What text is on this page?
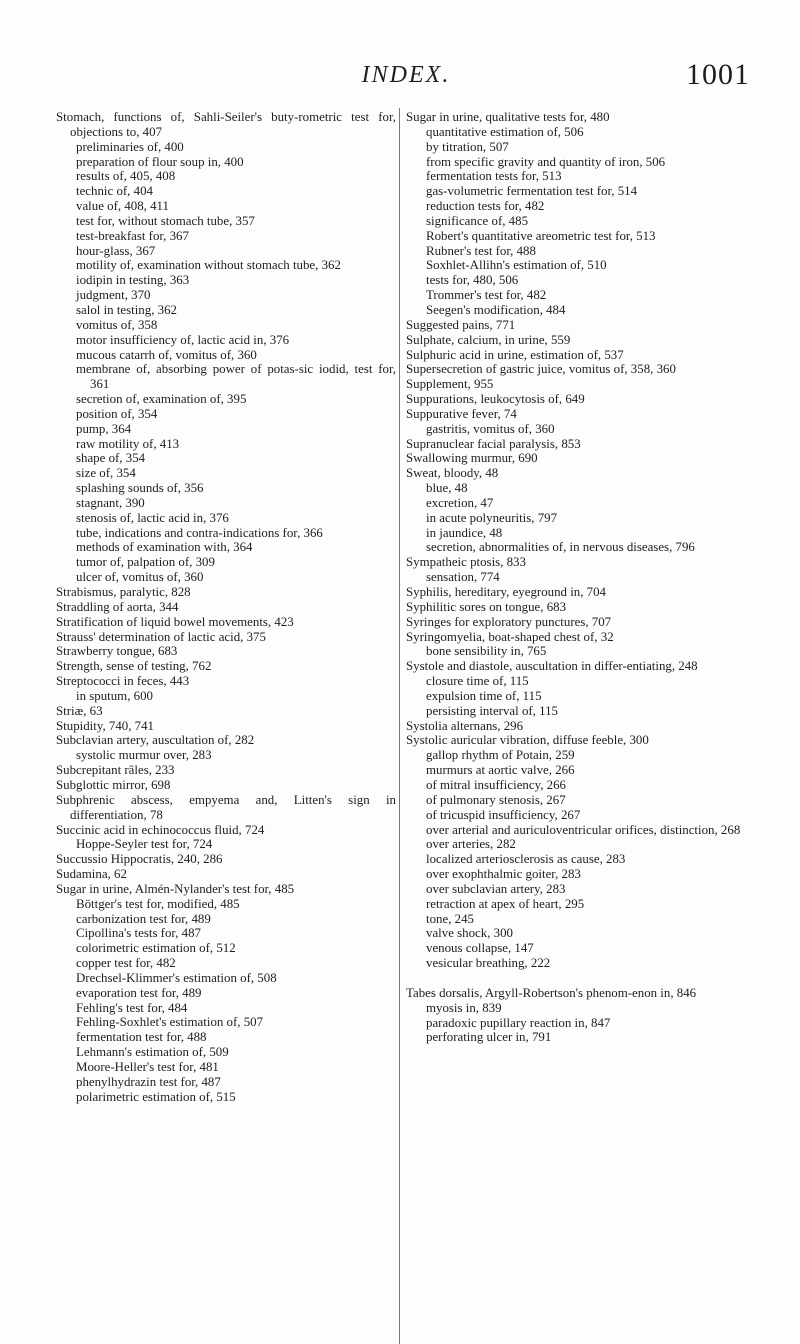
INDEX.	1001
Stomach, functions of, Sahli-Seiler's buty-rometric test for, objections to, 407
preliminaries of, 400
preparation of flour soup in, 400
results of, 405, 408
technic of, 404
value of, 408, 411
test for, without stomach tube, 357
test-breakfast for, 367
hour-glass, 367
motility of, examination without stomach tube, 362
iodipin in testing, 363
judgment, 370
salol in testing, 362
vomitus of, 358
motor insufficiency of, lactic acid in, 376
mucous catarrh of, vomitus of, 360
membrane of, absorbing power of potas-sic iodid, test for, 361
secretion of, examination of, 395
position of, 354
pump, 364
raw motility of, 413
shape of, 354
size of, 354
splashing sounds of, 356
stagnant, 390
stenosis of, lactic acid in, 376
tube, indications and contra-indications for, 366
methods of examination with, 364
tumor of, palpation of, 309
ulcer of, vomitus of, 360
Strabismus, paralytic, 828
Straddling of aorta, 344
Stratification of liquid bowel movements, 423
Strauss' determination of lactic acid, 375
Strawberry tongue, 683
Strength, sense of testing, 762
Streptococci in feces, 443
in sputum, 600
Striæ, 63
Stupidity, 740, 741
Subclavian artery, auscultation of, 282
systolic murmur over, 283
Subcrepitant râles, 233
Subglottic mirror, 698
Subphrenic abscess, empyema and, Litten's sign in differentiation, 78
Succinic acid in echinococcus fluid, 724
Hoppe-Seyler test for, 724
Succussio Hippocratis, 240, 286
Sudamina, 62
Sugar in urine, Almén-Nylander's test for, 485
Böttger's test for, modified, 485
carbonization test for, 489
Cipollina's tests for, 487
colorimetric estimation of, 512
copper test for, 482
Drechsel-Klimmer's estimation of, 508
evaporation test for, 489
Fehling's test for, 484
Fehling-Soxhlet's estimation of, 507
fermentation test for, 488
Lehmann's estimation of, 509
Moore-Heller's test for, 481
phenylhydrazin test for, 487
polarimetric estimation of, 515
Sugar in urine, qualitative tests for, 480
quantitative estimation of, 506
by titration, 507
from specific gravity and quantity of iron, 506
fermentation tests for, 513
gas-volumetric fermentation test for, 514
reduction tests for, 482
significance of, 485
Robert's quantitative areometric test for, 513
Rubner's test for, 488
Soxhlet-Allihn's estimation of, 510
tests for, 480, 506
Trommer's test for, 482
Seegen's modification, 484
Suggested pains, 771
Sulphate, calcium, in urine, 559
Sulphuric acid in urine, estimation of, 537
Supersecretion of gastric juice, vomitus of, 358, 360
Supplement, 955
Suppurations, leukocytosis of, 649
Suppurative fever, 74
gastritis, vomitus of, 360
Supranuclear facial paralysis, 853
Swallowing murmur, 690
Sweat, bloody, 48
blue, 48
excretion, 47
in acute polyneuritis, 797
in jaundice, 48
secretion, abnormalities of, in nervous diseases, 796
Sympatheic ptosis, 833
sensation, 774
Syphilis, hereditary, eyeground in, 704
Syphilitic sores on tongue, 683
Syringes for exploratory punctures, 707
Syringomyelia, boat-shaped chest of, 32
bone sensibility in, 765
Systole and diastole, auscultation in differ-entiating, 248
closure time of, 115
expulsion time of, 115
persisting interval of, 115
Systolia alternans, 296
Systolic auricular vibration, diffuse feeble, 300
gallop rhythm of Potain, 259
murmurs at aortic valve, 266
of mitral insufficiency, 266
of pulmonary stenosis, 267
of tricuspid insufficiency, 267
over arterial and auriculoventricular orifices, distinction, 268
over arteries, 282
localized arteriosclerosis as cause, 283
over exophthalmic goiter, 283
over subclavian artery, 283
retraction at apex of heart, 295
tone, 245
valve shock, 300
venous collapse, 147
vesicular breathing, 222
Tabes dorsalis, Argyll-Robertson's phenom-enon in, 846
myosis in, 839
paradoxic pupillary reaction in, 847
perforating ulcer in, 791
